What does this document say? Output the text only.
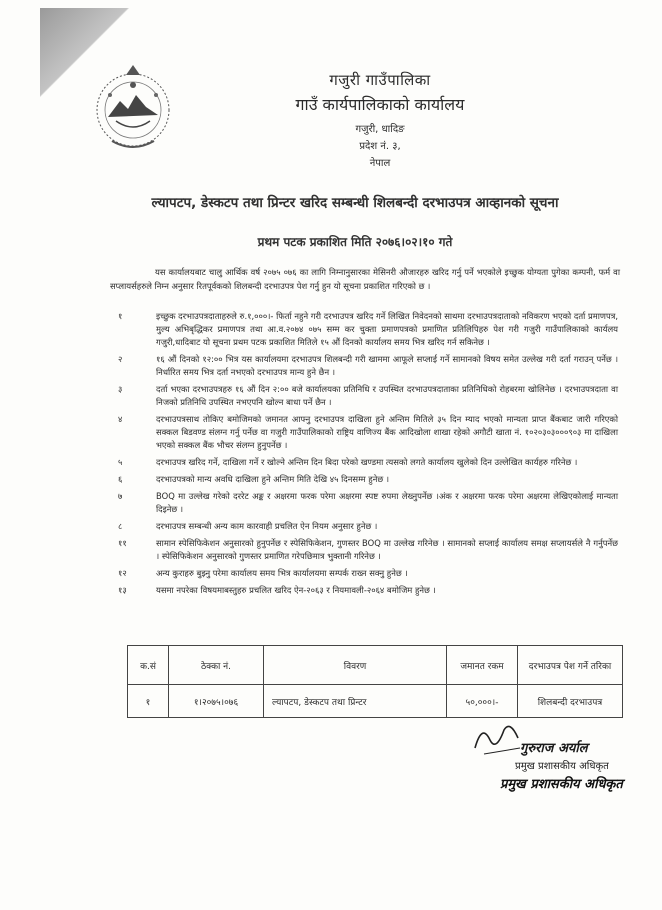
गजुरी गाउँपालिका
गाउँ कार्यपालिकाको कार्यालय
गजुरी, धादिङ
प्रदेश नं. ३,
नेपाल
ल्यापटप, डेस्कटप तथा प्रिन्टर खरिद सम्बन्धी शिलबन्दी दरभाउपत्र आव्हानको सूचना
प्रथम पटक प्रकाशित मिति २०७६।०२।१० गते
यस कार्यालयबाट चालु आर्थिक वर्ष २०७५ ०७६ का लागि निम्नानुसारका मेसिनरी औजारहरु खरिद गर्नु पर्ने भएकोले इच्छुक योग्यता पुगेका कम्पनी, फर्म वा सप्लायर्सहरुले निम्न अनुसार रितपूर्वकको शिलबन्दी दरभाउपत्र पेश गर्नु हुन यो सूचना प्रकाशित गरिएको छ ।
१	इच्छुक दरभाउपत्रदाताहरुले रु.१,०००।- फिर्ता नहुने गरी दरभाउपत्र खरिद गर्ने लिखित निवेदनको साथमा दरभाउपत्रदाताको नविकरण भएको दर्ता प्रमाणपत्र, मुल्य अभिबृद्धिकर प्रमाणपत्र तथा आ.व.२०७४ ०७५ सम्म कर चुक्ता प्रमाणपत्रको प्रमाणित प्रतिलिपिहरु पेश गरी गजुरी गाउँपालिकाको कार्यलय गजुरी,धादिबाट यो सूचना प्रथम पटक प्रकाशित मितिले १५ औं दिनको कार्यालय समय भित्र खरिद गर्न सकिनेछ ।
२	१६ औं दिनको १२:०० भित्र यस कार्यालयमा दरभाउपत्र शिलबन्दी गरी खाममा आफूले सप्लाई गर्ने सामानको विषय समेत उल्लेख गरी दर्ता गराउन् पर्नेछ । निर्धारित समय भित्र दर्ता नभएको दरभाउपत्र मान्य हुने छैन ।
३	दर्ता भएका दरभाउपत्रहरु १६ औं दिन २:०० बजे कार्यालयका प्रतिनिधि र उपस्थित दरभाउपत्रदाताका प्रतिनिधिको रोहबरमा खोलिनेछ । दरभाउपत्रदाता वा निजको प्रतिनिधि उपस्थित नभएपनि खोल्न बाधा पर्ने छैन ।
४	दरभाउपत्रसाथ तोकिए बमोजिमको जमानत आफ्नु दरभाउपत्र दाखिला हुने अन्तिम मितिले ३५ दिन म्याद भएको मान्यता प्राप्त बैंकबाट जारी गरिएको सक्कल बिडवण्ड संलग्न गर्नु पर्नेछ वा गजुरी गाउँपालिकाको राष्ट्रिय वाणिज्य बैंक आदिखोला शाखा रहेको अगौटी खाता नं. १०२०३०३०००९०३ मा दाखिला भएको सक्कल बैंक भौचर संलग्न हुनुपर्नेछ ।
५	दरभाउपत्र खरिद गर्ने, दाखिला गर्ने र खोल्ने अन्तिम दिन बिदा परेको खण्डमा त्यसको लगते कार्यालय खुलेको दिन उल्लेखित कार्यहरु गरिनेछ ।
६	दरभाउपत्रको मान्य अवधि दाखिला हुने अन्तिम मिति देखि ४५ दिनसम्म हुनेछ ।
७	BOQ मा उल्लेख गरेको दररेट अङ्क र अक्षरमा फरक परेमा अक्षरमा स्पष्ट रुपमा लेख्नुपर्नेछ ।अंक र अक्षरमा फरक परेमा अक्षरमा लेखिएकोलाई मान्यता दिइनेछ ।
८	दरभाउपत्र सम्बन्धी अन्य काम कारवाही प्रचलित ऐन नियम अनुसार हुनेछ ।
११	सामान स्पेसिफिकेशन अनुसारको हुनुपर्नेछ र स्पेसिफिकेशन, गुणस्तर BOQ मा उल्लेख गरिनेछ । सामानको सप्लाई कार्यालय समक्ष सप्लायर्सले नै गर्नुपर्नेछ । स्पेसिफिकेशन अनुसारको गुणस्तर प्रमाणित गरेपछिमात्र भुक्तानी गरिनेछ ।
१२	अन्य कुराहरु बुझ्नु परेमा कार्यालय समय भित्र कार्यालयमा सम्पर्क राख्न सक्नु हुनेछ ।
१३	यसमा नपरेका विषयमाबस्तुहरु प्रचलित खरिद ऐन-२०६३ र नियमावली-२०६४ बमोजिम हुनेछ ।
क.सं	ठेक्का नं.	विवरण	जमानत रकम	दरभाउपत्र पेश गर्ने तरिका
१	१।२०७५।०७६	ल्यापटप, डेस्कटप तथा प्रिन्टर	५०,०००।-	शिलबन्दी दरभाउपत्र
गुरुराज अर्याल
प्रमुख प्रशासकीय अधिकृत
प्रमुख प्रशासकीय अधिकृत
